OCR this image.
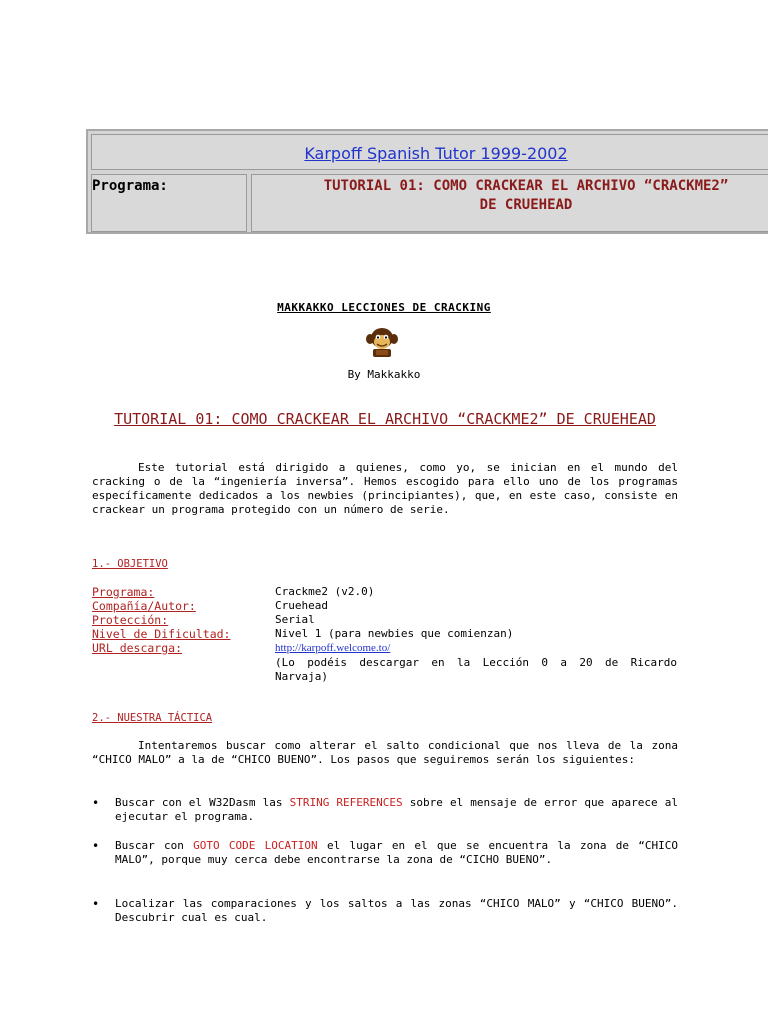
Karpoff Spanish Tutor 1999-2002
Programa:	TUTORIAL 01: COMO CRACKEAR EL ARCHIVO “CRACKME2”
DE CRUEHEAD
MAKKAKKO LECCIONES DE CRACKING
By Makkakko
TUTORIAL 01: COMO CRACKEAR EL ARCHIVO “CRACKME2” DE CRUEHEAD
Este tutorial está dirigido a quienes, como yo, se inician en el mundo del cracking o de la “ingeniería inversa”. Hemos escogido para ello uno de los programas específicamente dedicados a los newbies (principiantes), que, en este caso, consiste en crackear un programa protegido con un número de serie.
1.- OBJETIVO
Programa:	Crackme2 (v2.0)
Compañía/Autor:	Cruehead
Protección:	Serial
Nivel de Dificultad:	Nivel 1 (para newbies que comienzan)
URL descarga:	http://karpoff.welcome.to/
(Lo podéis descargar en la Lección 0 a 20 de Ricardo Narvaja)
2.- NUESTRA TÁCTICA
Intentaremos buscar como alterar el salto condicional que nos lleva de la zona “CHICO MALO” a la de “CHICO BUENO”. Los pasos que seguiremos serán los siguientes:
• Buscar con el W32Dasm las STRING REFERENCES sobre el mensaje de error que aparece al ejecutar el programa.
• Buscar con GOTO CODE LOCATION el lugar en el que se encuentra la zona de “CHICO MALO”, porque muy cerca debe encontrarse la zona de “CICHO BUENO”.
• Localizar las comparaciones y los saltos a las zonas “CHICO MALO” y “CHICO BUENO”. Descubrir cual es cual.
